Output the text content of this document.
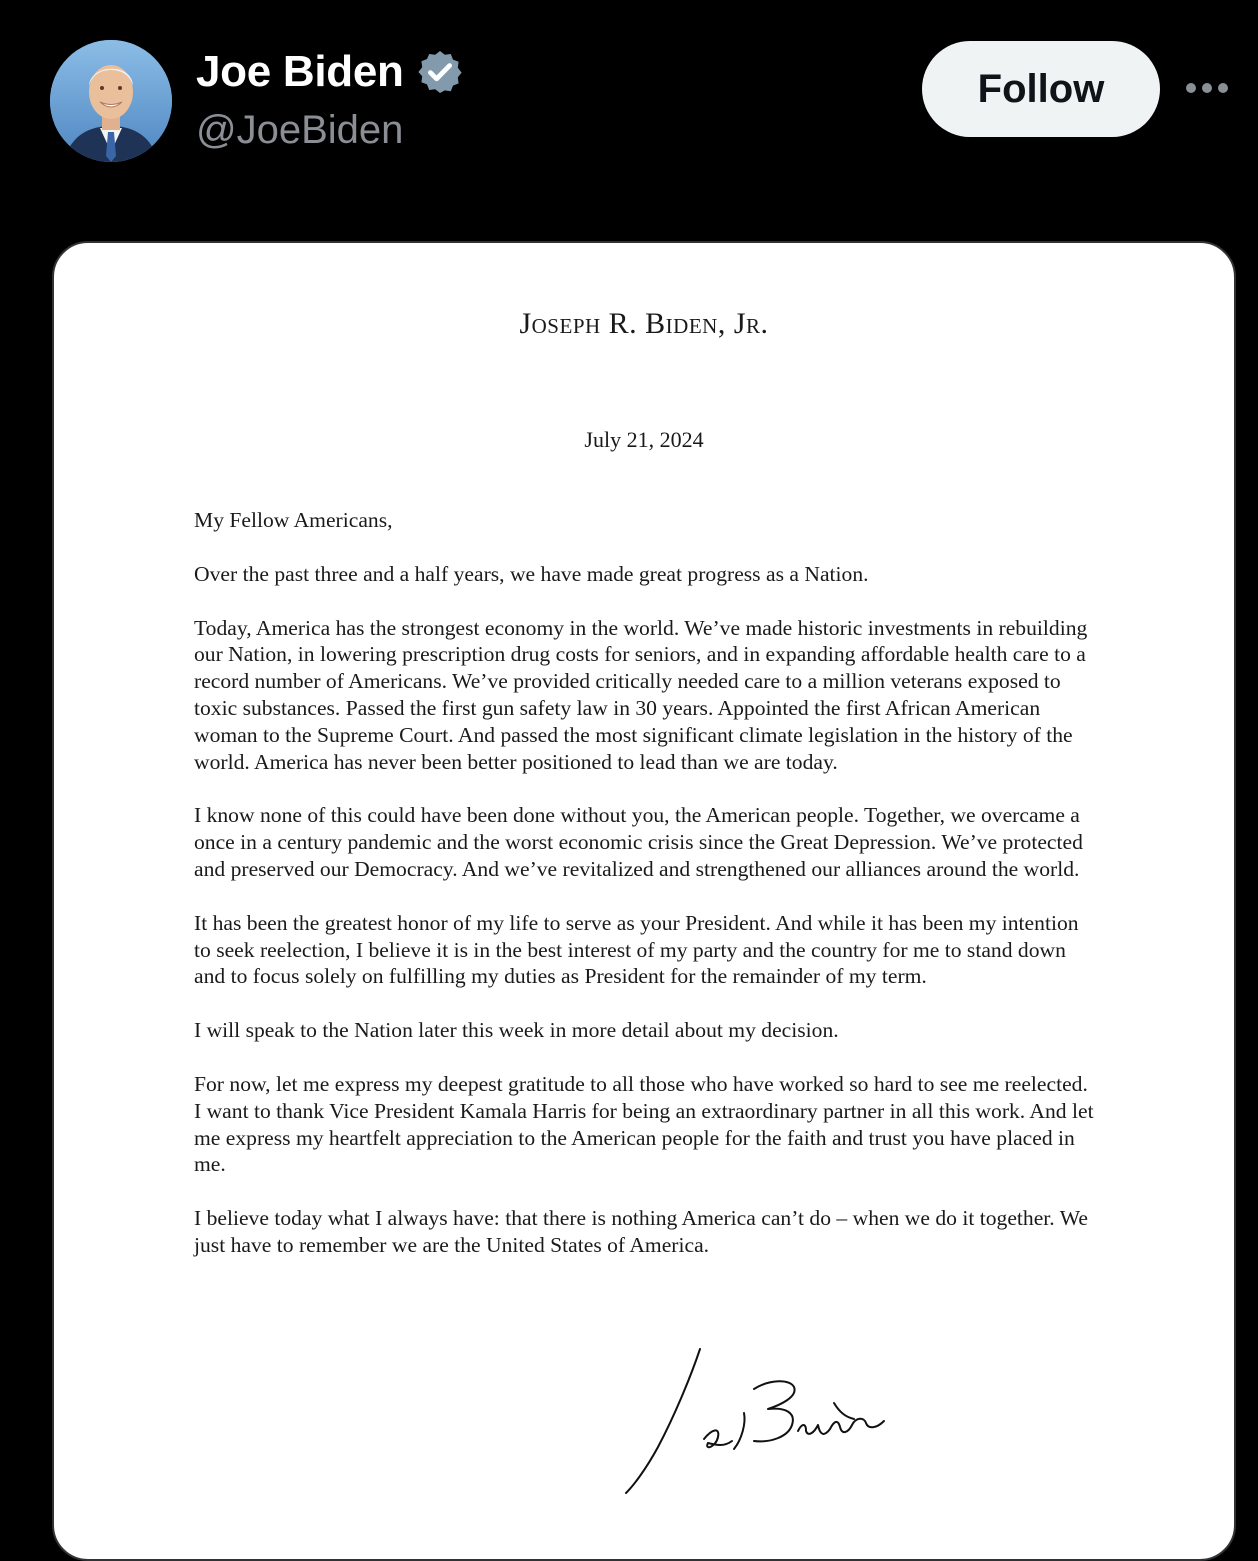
Joe Biden
@JoeBiden
Follow
Joseph R. Biden, Jr.
July 21, 2024

My Fellow Americans,

Over the past three and a half years, we have made great progress as a Nation.

Today, America has the strongest economy in the world. We’ve made historic investments in rebuilding our Nation, in lowering prescription drug costs for seniors, and in expanding affordable health care to a record number of Americans. We’ve provided critically needed care to a million veterans exposed to toxic substances. Passed the first gun safety law in 30 years. Appointed the first African American woman to the Supreme Court. And passed the most significant climate legislation in the history of the world. America has never been better positioned to lead than we are today.

I know none of this could have been done without you, the American people. Together, we overcame a once in a century pandemic and the worst economic crisis since the Great Depression. We’ve protected and preserved our Democracy. And we’ve revitalized and strengthened our alliances around the world.

It has been the greatest honor of my life to serve as your President. And while it has been my intention to seek reelection, I believe it is in the best interest of my party and the country for me to stand down and to focus solely on fulfilling my duties as President for the remainder of my term.

I will speak to the Nation later this week in more detail about my decision.

For now, let me express my deepest gratitude to all those who have worked so hard to see me reelected. I want to thank Vice President Kamala Harris for being an extraordinary partner in all this work. And let me express my heartfelt appreciation to the American people for the faith and trust you have placed in me.

I believe today what I always have: that there is nothing America can’t do – when we do it together. We just have to remember we are the United States of America.
